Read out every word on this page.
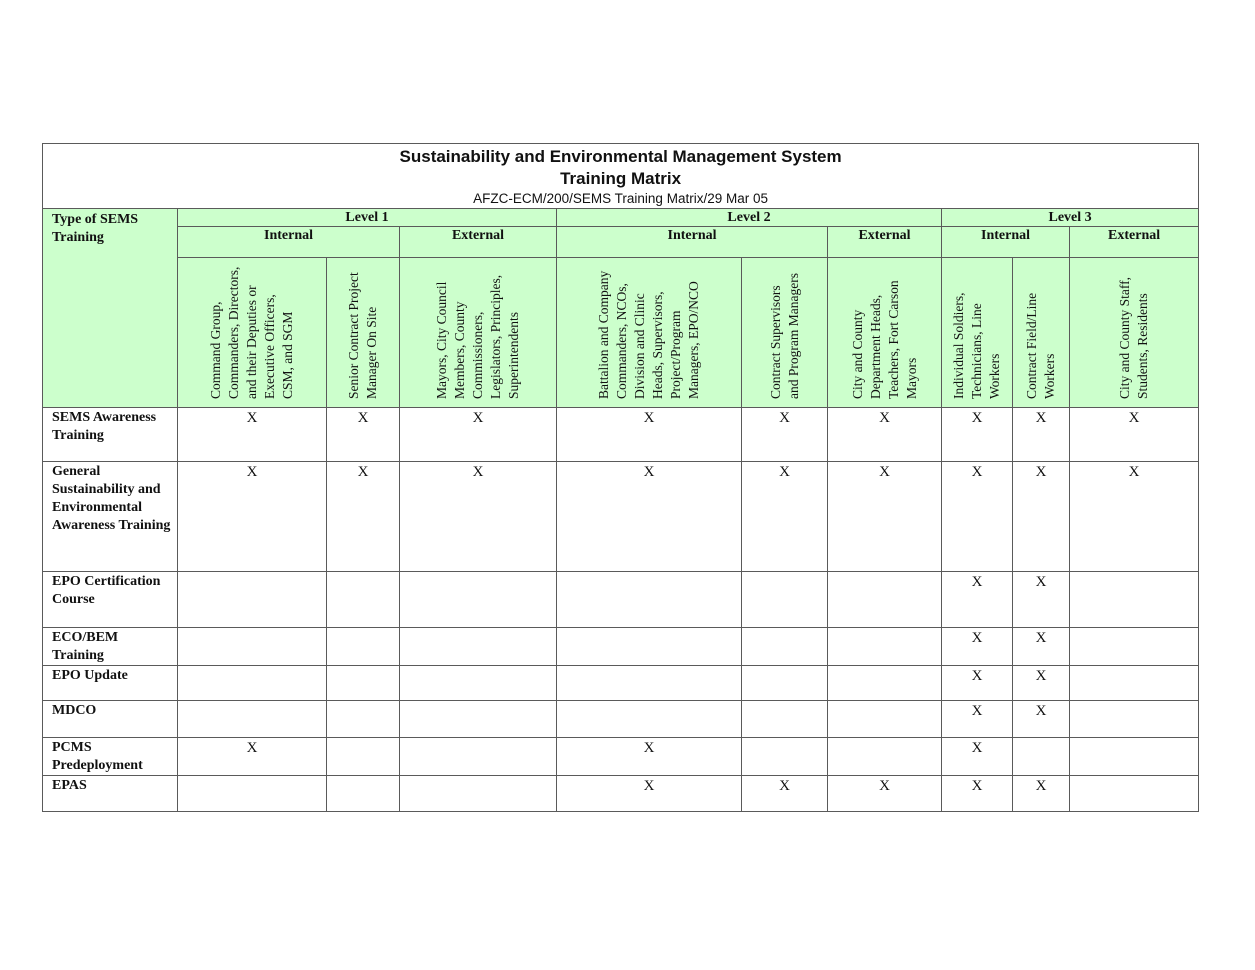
Sustainability and Environmental Management System
Training Matrix
AFZC-ECM/200/SEMS Training Matrix/29 Mar 05									

Type of SEMS Training	Level 1			Level 2			Level 3		
	Internal		External	Internal		External	Internal		External

	Command Group, Commanders, Directors, and their Deputies or Executive Officers, CSM, and SGM	Senior Contract Project Manager On Site	Mayors, City Council Members, County Commissioners, Legislators, Principles, Superintendents	Battalion and Company Commanders, NCOs, Division and Clinic Heads, Supervisors, Project/Program Managers, EPO/NCO	Contract Supervisors and Program Managers	City and County Department Heads, Teachers, Fort Carson Mayors	Individual Soldiers, Technicians, Line Workers	Contract Field/Line Workers	City and County Staff, Students, Residents

SEMS Awareness Training	X	X	X	X	X	X	X	X	X
General Sustainability and Environmental Awareness Training	X	X	X	X	X	X	X	X	X
EPO Certification Course							X	X	
ECO/BEM Training							X	X	
EPO Update							X	X	
MDCO							X	X	
PCMS Predeployment	X			X			X		
EPAS				X	X	X	X	X	
